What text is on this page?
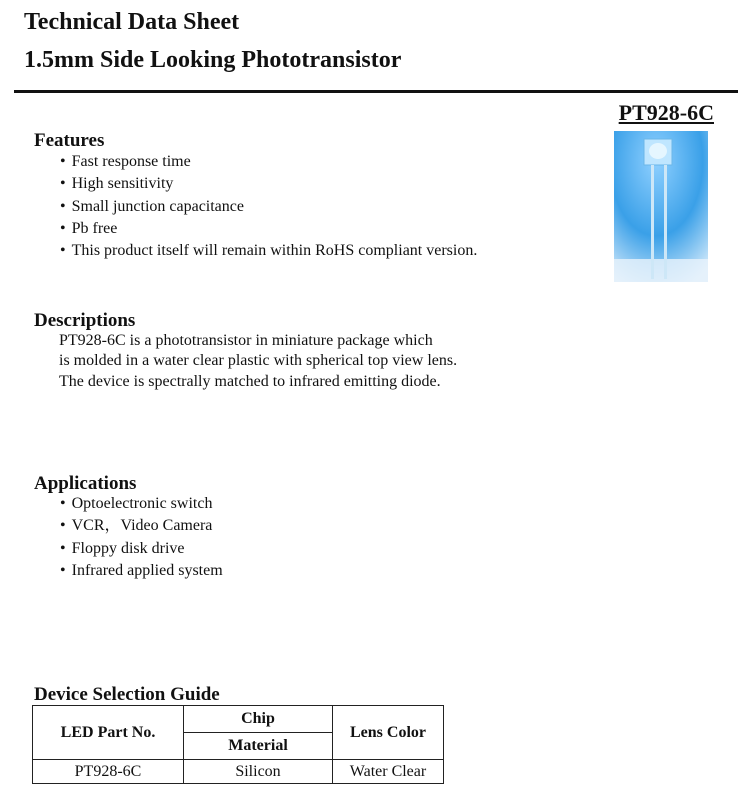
Technical Data Sheet
1.5mm Side Looking Phototransistor
PT928-6C
Features
• Fast response time
• High sensitivity
• Small junction capacitance
• Pb free
• This product itself will remain within RoHS compliant version.
Descriptions
PT928-6C is a phototransistor in miniature package which
is molded in a water clear plastic with spherical top view lens.
The device is spectrally matched to infrared emitting diode.
Applications
• Optoelectronic switch
• VCR，Video Camera
• Floppy disk drive
• Infrared applied system
Device Selection Guide
LED Part No.	Chip	Lens Color
	Material	
PT928-6C	Silicon	Water Clear
